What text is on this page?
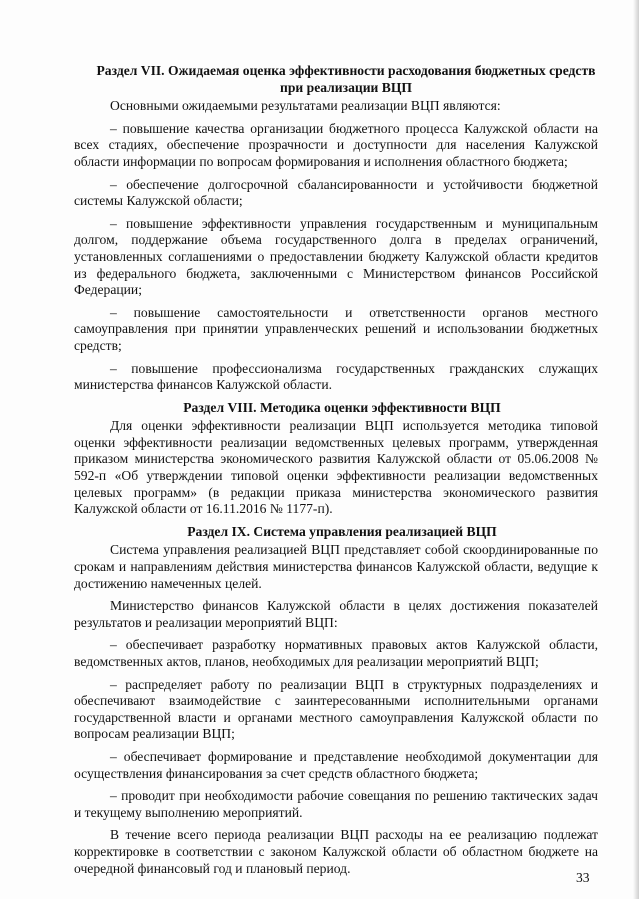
Раздел VII. Ожидаемая оценка эффективности расходования бюджетных средств при реализации ВЦП

Основными ожидаемыми результатами реализации ВЦП являются:

– повышение качества организации бюджетного процесса Калужской области на всех стадиях, обеспечение прозрачности и доступности для населения Калужской области информации по вопросам формирования и исполнения областного бюджета;

– обеспечение долгосрочной сбалансированности и устойчивости бюджетной системы Калужской области;

– повышение эффективности управления государственным и муниципальным долгом, поддержание объема государственного долга в пределах ограничений, установленных соглашениями о предоставлении бюджету Калужской области кредитов из федерального бюджета, заключенными с Министерством финансов Российской Федерации;

– повышение самостоятельности и ответственности органов местного самоуправления при принятии управленческих решений и использовании бюджетных средств;

– повышение профессионализма государственных гражданских служащих министерства финансов Калужской области.

Раздел VIII. Методика оценки эффективности ВЦП

Для оценки эффективности реализации ВЦП используется методика типовой оценки эффективности реализации ведомственных целевых программ, утвержденная приказом министерства экономического развития Калужской области от 05.06.2008 № 592-п «Об утверждении типовой оценки эффективности реализации ведомственных целевых программ» (в редакции приказа министерства экономического развития Калужской области от 16.11.2016 № 1177-п).

Раздел IX. Система управления реализацией ВЦП

Система управления реализацией ВЦП представляет собой скоординированные по срокам и направлениям действия министерства финансов Калужской области, ведущие к достижению намеченных целей.

Министерство финансов Калужской области в целях достижения показателей результатов и реализации мероприятий ВЦП:

– обеспечивает разработку нормативных правовых актов Калужской области, ведомственных актов, планов, необходимых для реализации мероприятий ВЦП;

– распределяет работу по реализации ВЦП в структурных подразделениях и обеспечивают взаимодействие с заинтересованными исполнительными органами государственной власти и органами местного самоуправления Калужской области по вопросам реализации ВЦП;

– обеспечивает формирование и представление необходимой документации для осуществления финансирования за счет средств областного бюджета;

– проводит при необходимости рабочие совещания по решению тактических задач и текущему выполнению мероприятий.

В течение всего периода реализации ВЦП расходы на ее реализацию подлежат корректировке в соответствии с законом Калужской области об областном бюджете на очередной финансовый год и плановый период.

33
